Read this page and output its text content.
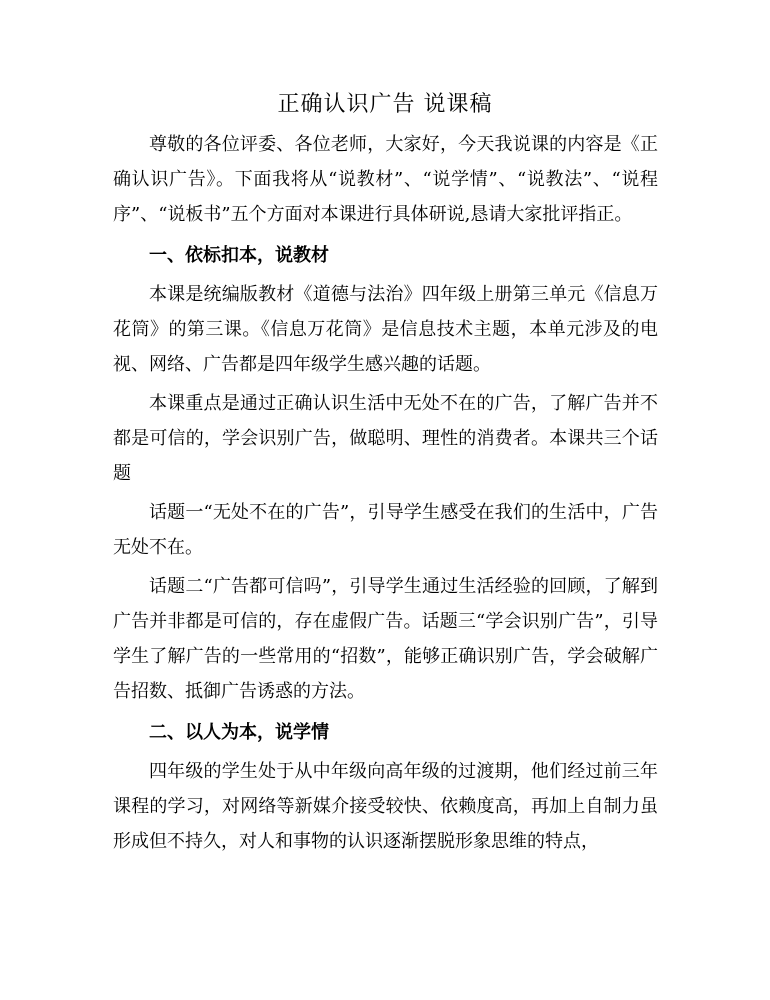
正确认识广告 说课稿

尊敬的各位评委、各位老师，大家好，今天我说课的内容是《正确认识广告》。下面我将从“说教材”、“说学情”、“说教法”、“说程序”、“说板书”五个方面对本课进行具体研说,恳请大家批评指正。

一、依标扣本，说教材

本课是统编版教材《道德与法治》四年级上册第三单元《信息万花筒》的第三课。《信息万花筒》是信息技术主题，本单元涉及的电视、网络、广告都是四年级学生感兴趣的话题。

本课重点是通过正确认识生活中无处不在的广告，了解广告并不都是可信的，学会识别广告，做聪明、理性的消费者。本课共三个话题

话题一“无处不在的广告”，引导学生感受在我们的生活中，广告无处不在。

话题二“广告都可信吗”，引导学生通过生活经验的回顾，了解到广告并非都是可信的，存在虚假广告。话题三“学会识别广告”，引导学生了解广告的一些常用的“招数”，能够正确识别广告，学会破解广告招数、抵御广告诱惑的方法。

二、以人为本，说学情

四年级的学生处于从中年级向高年级的过渡期，他们经过前三年课程的学习，对网络等新媒介接受较快、依赖度高，再加上自制力虽形成但不持久，对人和事物的认识逐渐摆脱形象思维的特点，
